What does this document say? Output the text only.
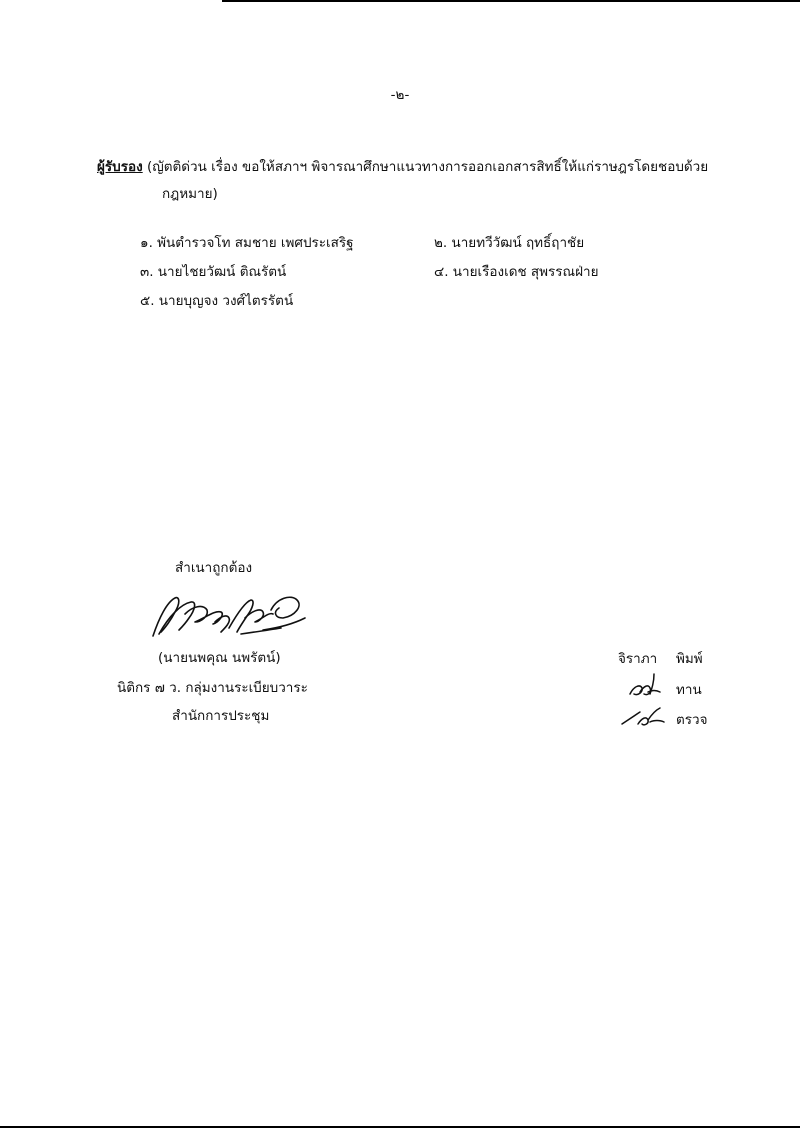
-๒-
ผู้รับรอง (ญัตติด่วน เรื่อง ขอให้สภาฯ พิจารณาศึกษาแนวทางการออกเอกสารสิทธิ์ให้แก่ราษฎรโดยชอบด้วย
กฎหมาย)
๑. พันตำรวจโท สมชาย เพศประเสริฐ	๒. นายทวีวัฒน์ ฤทธิ์ฤาชัย
๓. นายไชยวัฒน์ ติณรัตน์	๔. นายเรืองเดช สุพรรณฝ่าย
๕. นายบุญจง วงศ์ไตรรัตน์
สำเนาถูกต้อง
(นายนพคุณ นพรัตน์)
นิติกร ๗ ว. กลุ่มงานระเบียบวาระ
สำนักการประชุม
จิราภา พิมพ์
ทาน
ตรวจ
